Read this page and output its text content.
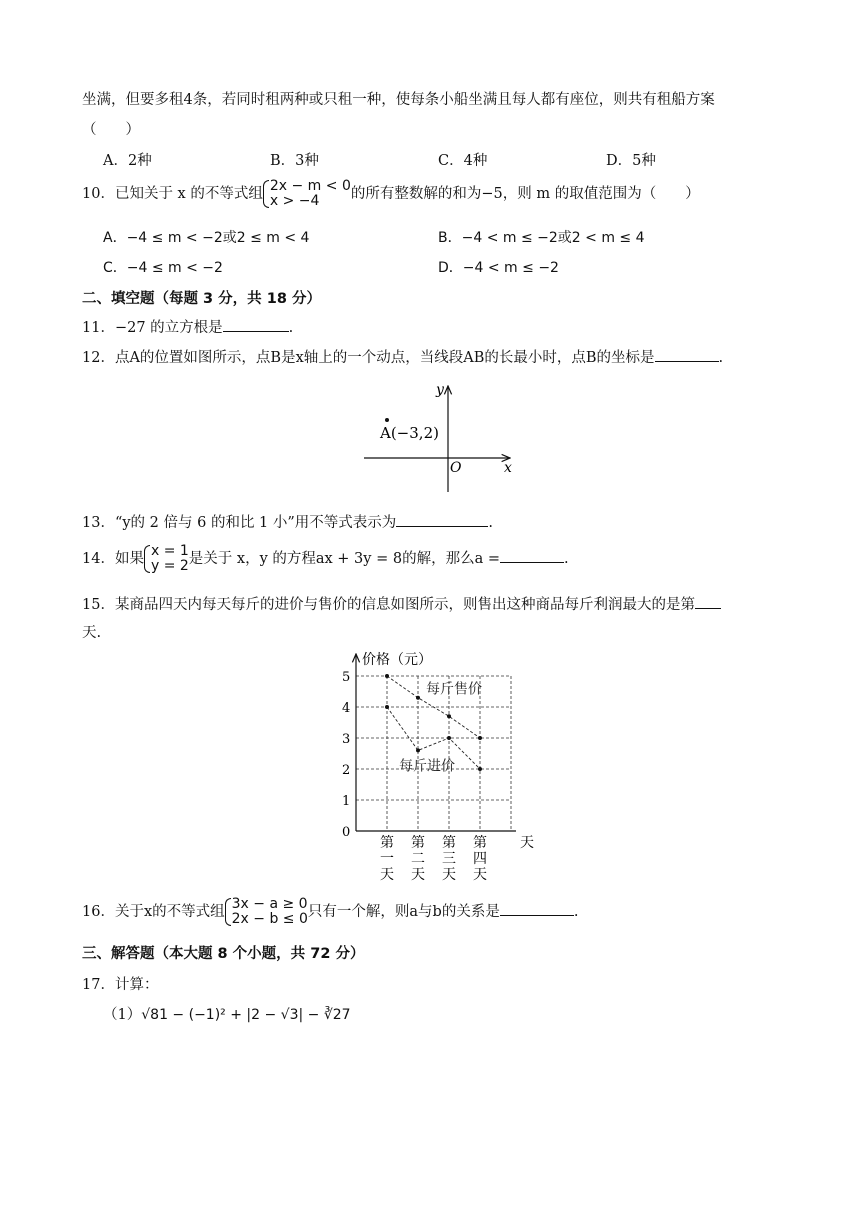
坐满，但要多租4条，若同时租两种或只租一种，使每条小船坐满且每人都有座位，则共有租船方案
（　　）
A．2种	B．3种	C．4种	D．5种
10．已知关于 x 的不等式组 2x − m < 0
x > −4 的所有整数解的和为−5，则 m 的取值范围为（　　）
A．−4 ≤ m < −2或2 ≤ m < 4	B．−4 < m ≤ −2或2 < m ≤ 4
C．−4 ≤ m < −2	D．−4 < m ≤ −2
二、填空题（每题 3 分，共 18 分）
11．−27 的立方根是	.
12．点A的位置如图所示，点B是x轴上的一个动点，当线段AB的长最小时，点B的坐标是	.
y
x
O
A(−3,2)
13．“y的 2 倍与 6 的和比 1 小”用不等式表示为	.
14．如果 x = 1
y = 2是关于 x，y 的方程ax + 3y = 8的解，那么a =	.
15．某商品四天内每天每斤的进价与售价的信息如图所示，则售出这种商品每斤利润最大的是第
天.
价格（元）
天
0
1
2
3
4
5
第
一
天
第
二
天
第
三
天
第
四
天
每斤售价
每斤进价
16．关于x的不等式组 3x − a ≥ 0
2x − b ≤ 0只有一个解，则a与b的关系是	.
三、解答题（本大题 8 个小题，共 72 分）
17．计算：
（1）√81 − (−1)² + |2 − √3| − ∛27
